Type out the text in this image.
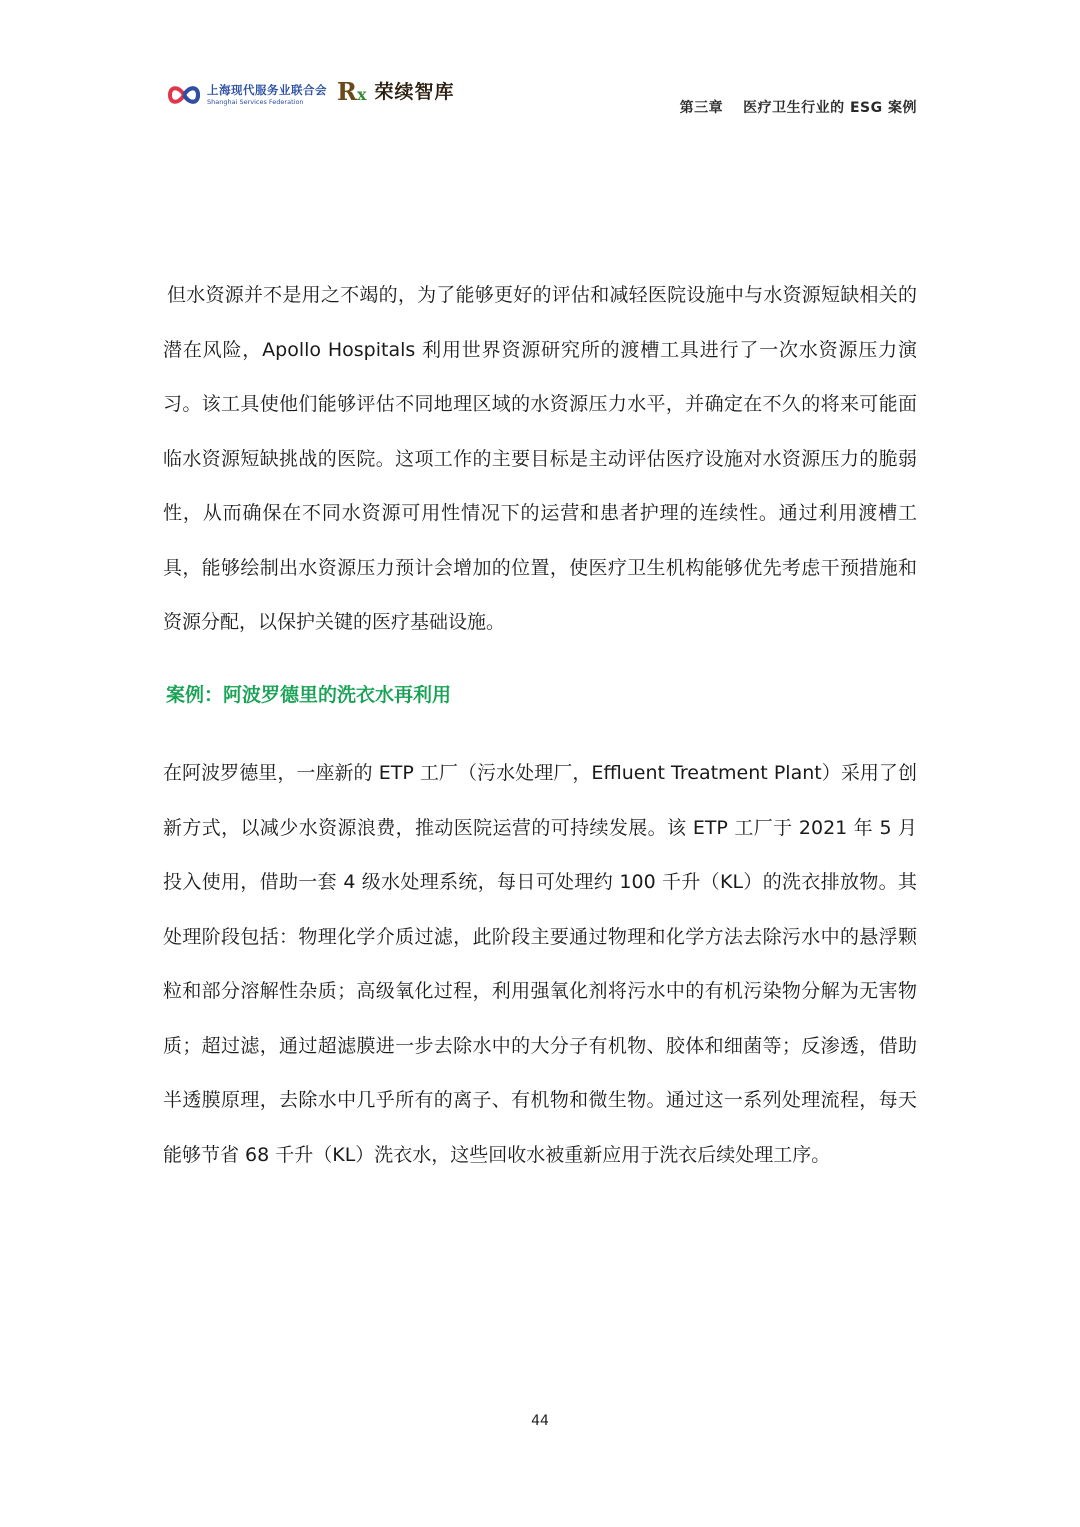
上海现代服务业联合会
Shanghai Services Federation	Rx 荣续智库
第三章 医疗卫生行业的 ESG 案例

但水资源并不是用之不竭的，为了能够更好的评估和减轻医院设施中与水资源短缺相关的潜在风险，Apollo Hospitals 利用世界资源研究所的渡槽工具进行了一次水资源压力演习。该工具使他们能够评估不同地理区域的水资源压力水平，并确定在不久的将来可能面临水资源短缺挑战的医院。这项工作的主要目标是主动评估医疗设施对水资源压力的脆弱性，从而确保在不同水资源可用性情况下的运营和患者护理的连续性。通过利用渡槽工具，能够绘制出水资源压力预计会增加的位置，使医疗卫生机构能够优先考虑干预措施和资源分配，以保护关键的医疗基础设施。

案例：阿波罗德里的洗衣水再利用

在阿波罗德里，一座新的 ETP 工厂（污水处理厂，Effluent Treatment Plant）采用了创新方式，以减少水资源浪费，推动医院运营的可持续发展。该 ETP 工厂于 2021 年 5 月投入使用，借助一套 4 级水处理系统，每日可处理约 100 千升（KL）的洗衣排放物。其处理阶段包括：物理化学介质过滤，此阶段主要通过物理和化学方法去除污水中的悬浮颗粒和部分溶解性杂质；高级氧化过程，利用强氧化剂将污水中的有机污染物分解为无害物质；超过滤，通过超滤膜进一步去除水中的大分子有机物、胶体和细菌等；反渗透，借助半透膜原理，去除水中几乎所有的离子、有机物和微生物。通过这一系列处理流程，每天能够节省 68 千升（KL）洗衣水，这些回收水被重新应用于洗衣后续处理工序。

44
